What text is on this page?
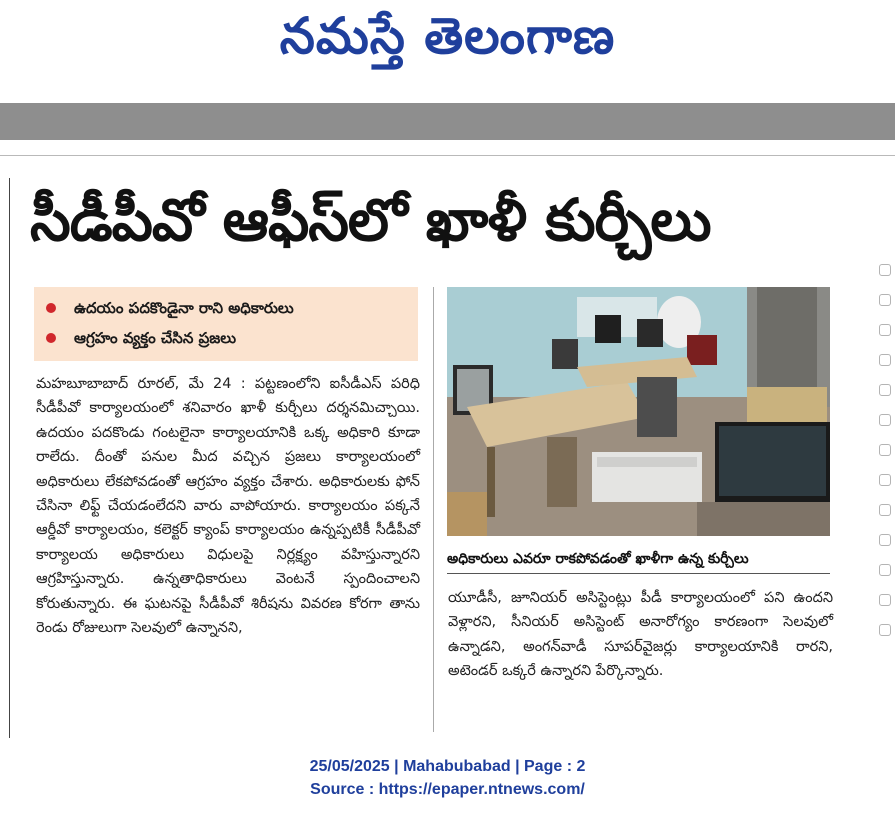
నమస్తే తెలంగాణ
సీడీపీవో ఆఫీస్‌లో ఖాళీ కుర్చీలు
ఉదయం పదకొండైనా రాని అధికారులు
ఆగ్రహం వ్యక్తం చేసిన ప్రజలు
మహబూబాబాద్ రూరల్, మే 24 : పట్టణంలోని ఐసీడీఎస్ పరిధి సీడీపీవో కార్యాలయంలో శనివారం ఖాళీ కుర్చీలు దర్శనమిచ్చాయి. ఉదయం పదకొండు గంటలైనా కార్యాలయానికి ఒక్క అధికారి కూడా రాలేదు. దీంతో పనుల మీద వచ్చిన ప్రజలు కార్యాలయంలో అధికారులు లేకపోవడంతో ఆగ్రహం వ్యక్తం చేశారు. అధికారులకు ఫోన్ చేసినా లిఫ్ట్ చేయడంలేదని వారు వాపోయారు. కార్యాలయం పక్కనే ఆర్డీవో కార్యాలయం, కలెక్టర్ క్యాంప్ కార్యాలయం ఉన్నప్పటికీ సీడీపీవో కార్యాలయ అధికారులు విధులపై నిర్లక్ష్యం వహిస్తున్నారని ఆగ్రహిస్తున్నారు. ఉన్నతాధికారులు వెంటనే స్పందించాలని కోరుతున్నారు. ఈ ఘటనపై సీడీపీవో శిరీషను వివరణ కోరగా తాను రెండు రోజులుగా సెలవులో ఉన్నానని,
అధికారులు ఎవరూ రాకపోవడంతో ఖాళీగా ఉన్న కుర్చీలు
యూడీసీ, జూనియర్ అసిస్టెంట్లు పీడీ కార్యాలయంలో పని ఉందని వెళ్లారని, సీనియర్ అసిస్టెంట్ అనారోగ్యం కారణంగా సెలవులో ఉన్నాడని, అంగన్‌వాడీ సూపర్‌వైజర్లు కార్యాలయానికి రారని, అటెండర్ ఒక్కరే ఉన్నారని పేర్కొన్నారు.
25/05/2025 | Mahabubabad | Page : 2
Source : https://epaper.ntnews.com/
